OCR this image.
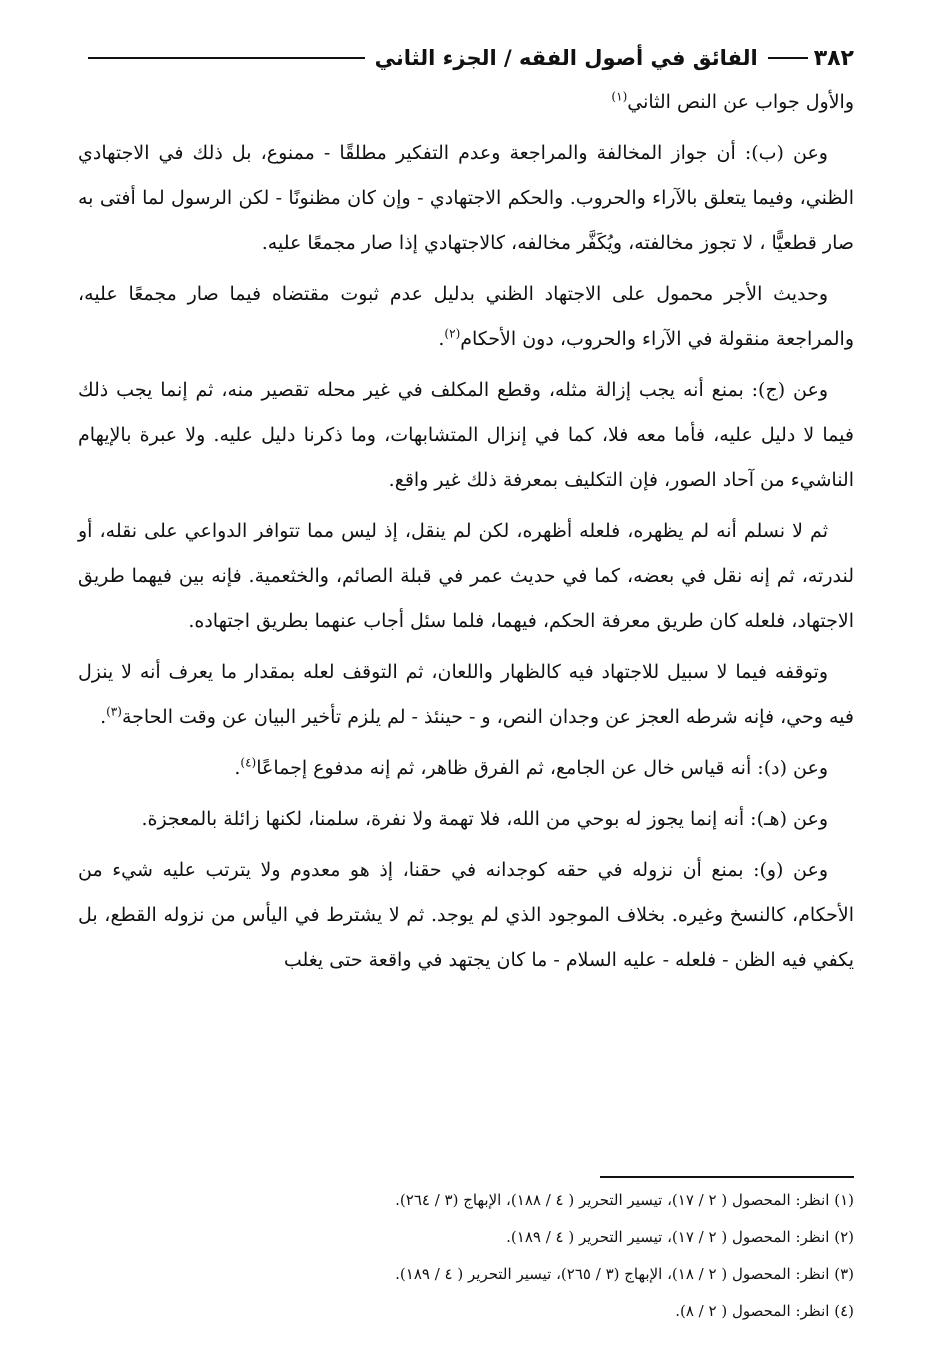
٣٨٢
الفائق في أصول الفقه / الجزء الثاني

والأول جواب عن النص الثاني$^{(١)}$

وعن (ب): أن جواز المخالفة والمراجعة وعدم التفكير مطلقًا - ممنوع، بل ذلك في الاجتهادي الظني، وفيما يتعلق بالآراء والحروب. والحكم الاجتهادي - وإن كان مظنونًا - لكن الرسول لما أفتى به صار قطعيًّا ، لا تجوز مخالفته، ويُكَفَّر مخالفه، كالاجتهادي إذا صار مجمعًا عليه.

وحديث الأجر محمول على الاجتهاد الظني بدليل عدم ثبوت مقتضاه فيما صار مجمعًا عليه، والمراجعة منقولة في الآراء والحروب، دون الأحكام$^{(٢)}$.

وعن (ج): بمنع أنه يجب إزالة مثله، وقطع المكلف في غير محله تقصير منه، ثم إنما يجب ذلك فيما لا دليل عليه، فأما معه فلا، كما في إنزال المتشابهات، وما ذكرنا دليل عليه. ولا عبرة بالإيهام الناشيء من آحاد الصور، فإن التكليف بمعرفة ذلك غير واقع.

ثم لا نسلم أنه لم يظهره، فلعله أظهره، لكن لم ينقل، إذ ليس مما تتوافر الدواعي على نقله، أو لندرته، ثم إنه نقل في بعضه، كما في حديث عمر في قبلة الصائم، والخثعمية. فإنه بين فيهما طريق الاجتهاد، فلعله كان طريق معرفة الحكم، فيهما، فلما سئل أجاب عنهما بطريق اجتهاده.

وتوقفه فيما لا سبيل للاجتهاد فيه كالظهار واللعان، ثم التوقف لعله بمقدار ما يعرف أنه لا ينزل فيه وحي، فإنه شرطه العجز عن وجدان النص، و - حينئذ - لم يلزم تأخير البيان عن وقت الحاجة$^{(٣)}$.

وعن (د): أنه قياس خال عن الجامع، ثم الفرق ظاهر، ثم إنه مدفوع إجماعًا$^{(٤)}$.

وعن (هـ): أنه إنما يجوز له بوحي من الله، فلا تهمة ولا نفرة، سلمنا، لكنها زائلة بالمعجزة.

وعن (و): بمنع أن نزوله في حقه كوجدانه في حقنا، إذ هو معدوم ولا يترتب عليه شيء من الأحكام، كالنسخ وغيره. بخلاف الموجود الذي لم يوجد. ثم لا يشترط في اليأس من نزوله القطع، بل يكفي فيه الظن - فلعله - عليه السلام - ما كان يجتهد في واقعة حتى يغلب

(١) انظر: المحصول ( ٢ / ١٧)، تيسير التحرير ( ٤ / ١٨٨)، الإبهاج (٣ / ٢٦٤).

(٢) انظر: المحصول ( ٢ / ١٧)، تيسير التحرير ( ٤ / ١٨٩).

(٣) انظر: المحصول ( ٢ / ١٨)، الإبهاج (٣ / ٢٦٥)، تيسير التحرير ( ٤ / ١٨٩).

(٤) انظر: المحصول ( ٢ / ٨).
